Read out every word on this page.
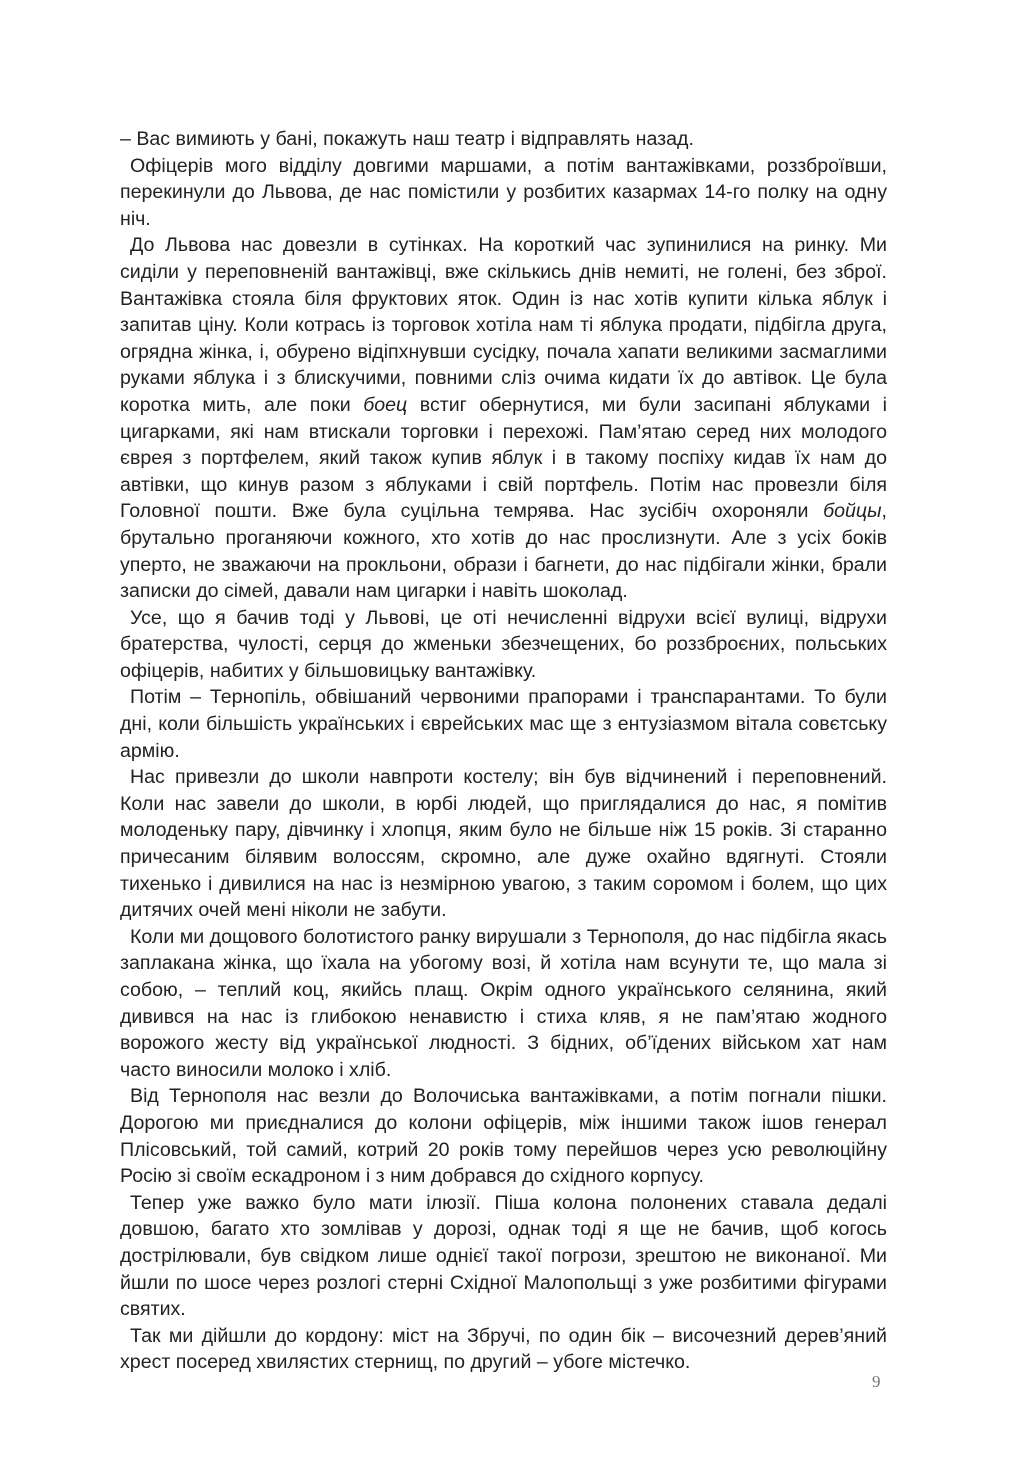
– Вас вимиють у бані, покажуть наш театр і відправлять назад.

Офіцерів мого відділу довгими маршами, а потім вантажівками, роззброївши, перекинули до Львова, де нас помістили у розбитих казармах 14-го полку на одну ніч.

До Львова нас довезли в сутінках. На короткий час зупинилися на ринку. Ми сиділи у переповненій вантажівці, вже скількись днів немиті, не голені, без зброї. Вантажівка стояла біля фруктових яток. Один із нас хотів купити кілька яблук і запитав ціну. Коли котрась із торговок хотіла нам ті яблука продати, підбігла друга, огрядна жінка, і, обурено відіпхнувши сусідку, почала хапати великими засмаглими руками яблука і з блискучими, повними сліз очима кидати їх до автівок. Це була коротка мить, але поки боец встиг обернутися, ми були засипані яблуками і цигарками, які нам втискали торговки і перехожі. Пам’ятаю серед них молодого єврея з портфелем, який також купив яблук і в такому поспіху кидав їх нам до автівки, що кинув разом з яблуками і свій портфель. Потім нас провезли біля Головної пошти. Вже була суцільна темрява. Нас зусібіч охороняли бойцы, брутально проганяючи кожного, хто хотів до нас прослизнути. Але з усіх боків уперто, не зважаючи на прокльони, образи і багнети, до нас підбігали жінки, брали записки до сімей, давали нам цигарки і навіть шоколад.

Усе, що я бачив тоді у Львові, це оті нечисленні відрухи всієї вулиці, відрухи братерства, чулості, серця до жменьки збезчещених, бо роззброєних, польських офіцерів, набитих у більшовицьку вантажівку.

Потім – Тернопіль, обвішаний червоними прапорами і транспарантами. То були дні, коли більшість українських і єврейських мас ще з ентузіазмом вітала совєтську армію.

Нас привезли до школи навпроти костелу; він був відчинений і переповнений. Коли нас завели до школи, в юрбі людей, що приглядалися до нас, я помітив молоденьку пару, дівчинку і хлопця, яким було не більше ніж 15 років. Зі старанно причесаним білявим волоссям, скромно, але дуже охайно вдягнуті. Стояли тихенько і дивилися на нас із незмірною увагою, з таким соромом і болем, що цих дитячих очей мені ніколи не забути.

Коли ми дощового болотистого ранку вирушали з Тернополя, до нас підбігла якась заплакана жінка, що їхала на убогому возі, й хотіла нам всунути те, що мала зі собою, – теплий коц, якийсь плащ. Окрім одного українського селянина, який дивився на нас із глибокою ненавистю і стиха кляв, я не пам’ятаю жодного ворожого жесту від української людності. З бідних, об’їдених військом хат нам часто виносили молоко і хліб.

Від Тернополя нас везли до Волочиська вантажівками, а потім погнали пішки. Дорогою ми приєдналися до колони офіцерів, між іншими також ішов генерал Плісовський, той самий, котрий 20 років тому перейшов через усю революційну Росію зі своїм ескадроном і з ним добрався до східного корпусу.

Тепер уже важко було мати ілюзії. Піша колона полонених ставала дедалі довшою, багато хто зомлівав у дорозі, однак тоді я ще не бачив, щоб когось дострілювали, був свідком лише однієї такої погрози, зрештою не виконаної. Ми йшли по шосе через розлогі стерні Східної Малопольщі з уже розбитими фігурами святих.

Так ми дійшли до кордону: міст на Збручі, по один бік – височезний дерев’яний хрест посеред хвилястих стернищ, по другий – убоге містечко.

9
